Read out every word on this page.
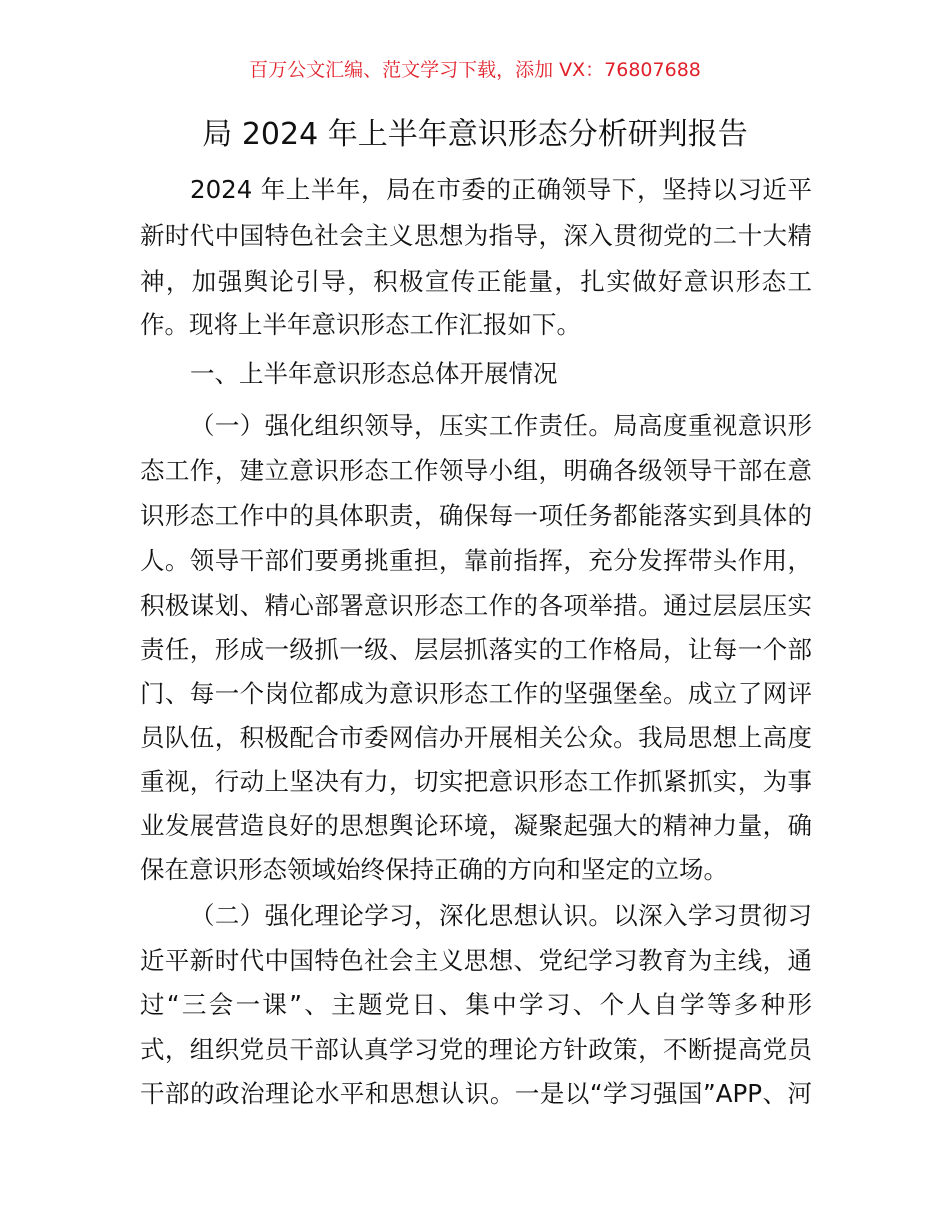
百万公文汇编、范文学习下载，添加 VX：76807688
局 2024 年上半年意识形态分析研判报告
2024 年上半年，局在市委的正确领导下，坚持以习近平
新时代中国特色社会主义思想为指导，深入贯彻党的二十大精
神，加强舆论引导，积极宣传正能量，扎实做好意识形态工
作。现将上半年意识形态工作汇报如下。
一、上半年意识形态总体开展情况
（一）强化组织领导，压实工作责任。局高度重视意识形
态工作，建立意识形态工作领导小组，明确各级领导干部在意
识形态工作中的具体职责，确保每一项任务都能落实到具体的
人。领导干部们要勇挑重担，靠前指挥，充分发挥带头作用，
积极谋划、精心部署意识形态工作的各项举措。通过层层压实
责任，形成一级抓一级、层层抓落实的工作格局，让每一个部
门、每一个岗位都成为意识形态工作的坚强堡垒。成立了网评
员队伍，积极配合市委网信办开展相关公众。我局思想上高度
重视，行动上坚决有力，切实把意识形态工作抓紧抓实，为事
业发展营造良好的思想舆论环境，凝聚起强大的精神力量，确
保在意识形态领域始终保持正确的方向和坚定的立场。
（二）强化理论学习，深化思想认识。以深入学习贯彻习
近平新时代中国特色社会主义思想、党纪学习教育为主线，通
过“三会一课”、主题党日、集中学习、个人自学等多种形
式，组织党员干部认真学习党的理论方针政策，不断提高党员
干部的政治理论水平和思想认识。一是以“学习强国”APP、河
